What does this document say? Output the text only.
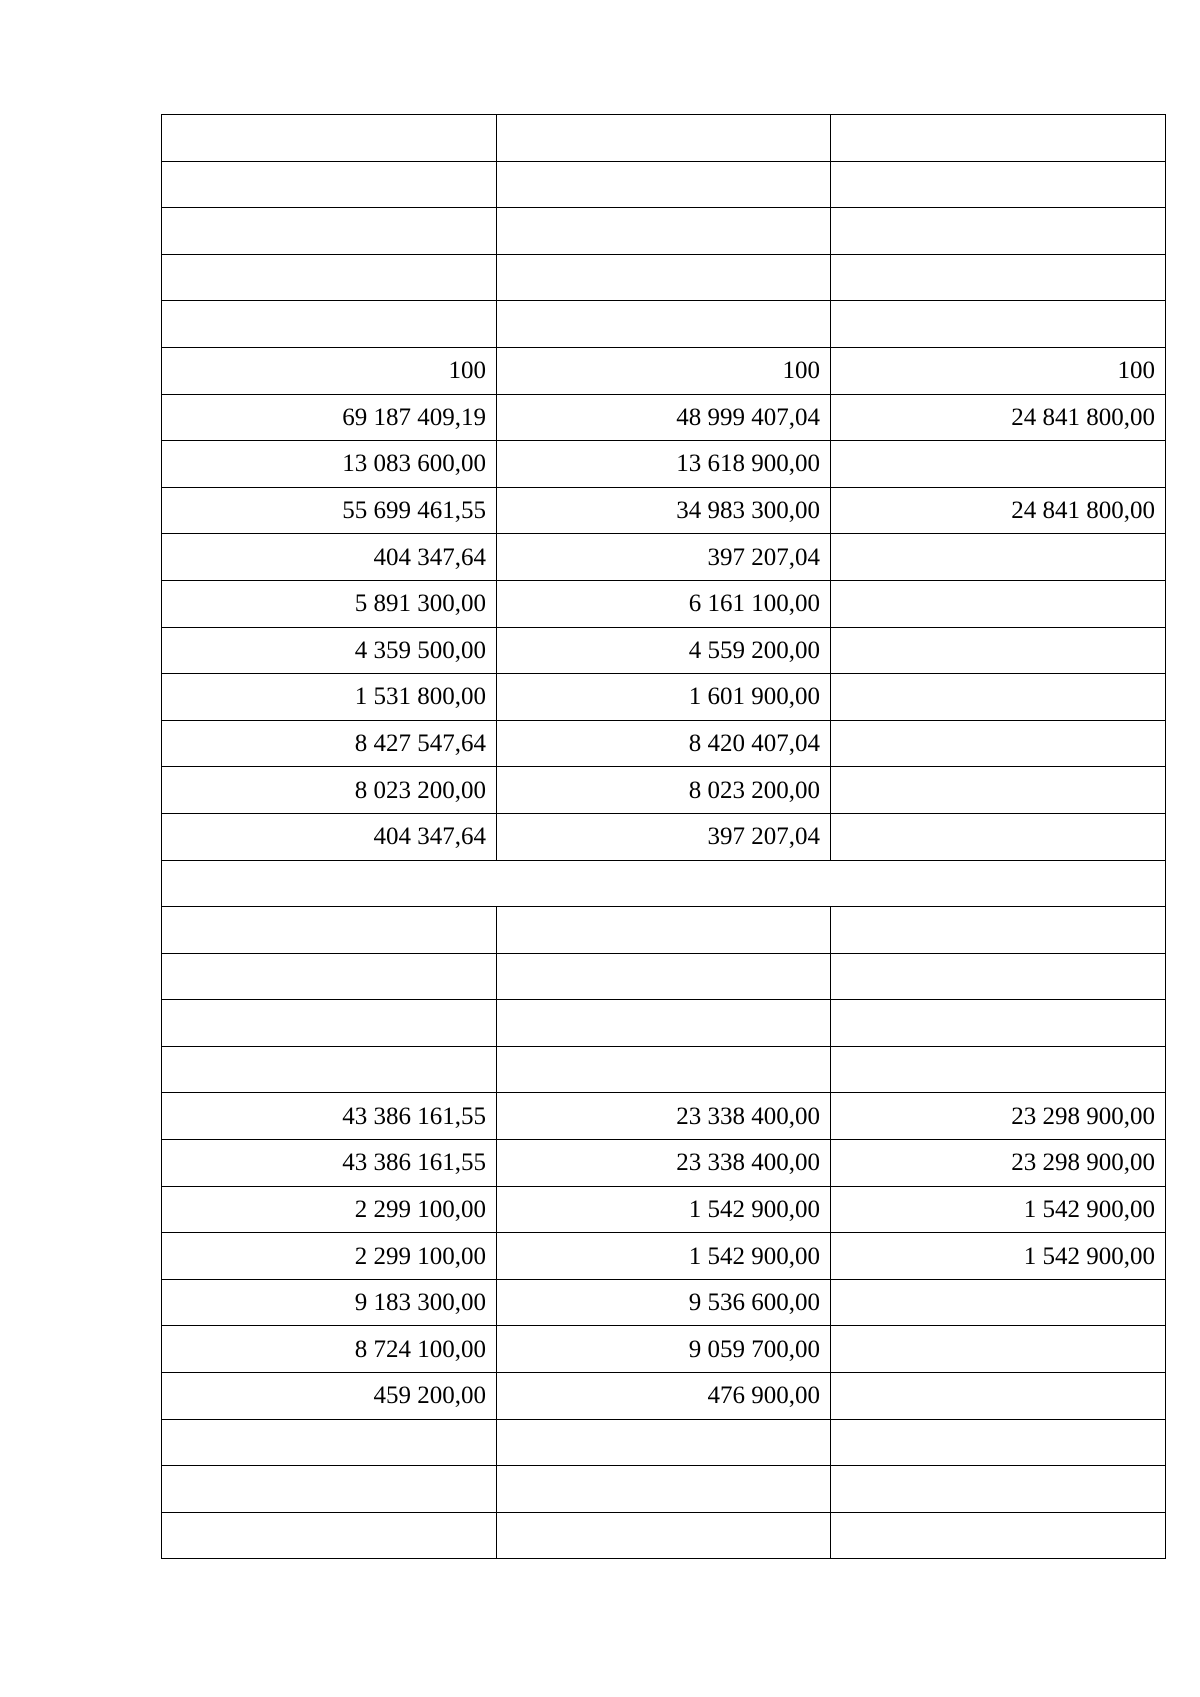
100	100	100
69 187 409,19	48 999 407,04	24 841 800,00
13 083 600,00	13 618 900,00	
55 699 461,55	34 983 300,00	24 841 800,00
404 347,64	397 207,04	
5 891 300,00	6 161 100,00	
4 359 500,00	4 559 200,00	
1 531 800,00	1 601 900,00	
8 427 547,64	8 420 407,04	
8 023 200,00	8 023 200,00	
404 347,64	397 207,04	

43 386 161,55	23 338 400,00	23 298 900,00
43 386 161,55	23 338 400,00	23 298 900,00
2 299 100,00	1 542 900,00	1 542 900,00
2 299 100,00	1 542 900,00	1 542 900,00
9 183 300,00	9 536 600,00	
8 724 100,00	9 059 700,00	
459 200,00	476 900,00	
